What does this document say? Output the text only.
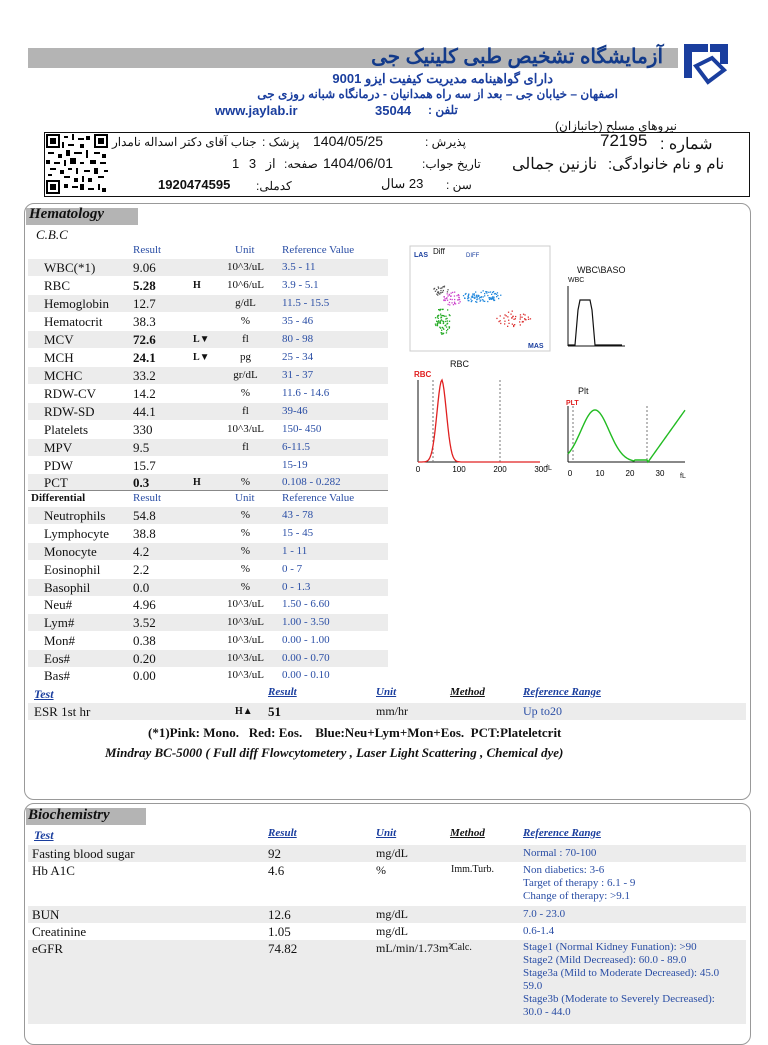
آزمایشگاه تشخیص طبی کلینیک جی
دارای گواهینامه مدیریت کیفیت ایزو 9001
اصفهان – خیابان جی – بعد از سه راه همدانیان - درمانگاه شبانه روزی جی
www.jaylab.ir	35044 تلفن :
(نیروهای مسلح (جانبازان
جناب آقای دکتر اسداله نامدار پزشک : 1404/05/25	پذیرش :	شماره :
72195
1 از 3 صفحه: 1404/06/01 تاریخ جواب: نازنین جمالی نام و نام خانوادگی:
1920474595 کدملی:	23 سال سن :
Hematology
C.B.C
Result	Unit Reference Value
WBC(*1)	9.06	10^3/uL	3.5 - 11
RBC	5.28	H	10^6/uL	3.9 - 5.1
Hemoglobin 12.7	g/dL	11.5 - 15.5
Hematocrit 38.3	%	35 - 46
MCV	72.6	L▼	fl	80 - 98
MCH	24.1	L▼	pg	25 - 34
MCHC	33.2	gr/dL	31 - 37
RDW-CV	14.2	%	11.6 - 14.6
RDW-SD	44.1	fl	39-46
Platelets	330	10^3/uL	150- 450
MPV	9.5	fl	6-11.5
PDW	15.7	15-19
PCT	0.3	H	%	0.108 - 0.282
Differential	Result	Unit Reference Value
Neutrophils 54.8	%	43 - 78
Lymphocyte 38.8	%	15 - 45
Monocyte	4.2	%	1 - 11
Eosinophil	2.2	%	0 - 7
Basophil	0.0	%	0 - 1.3
Neu#	4.96	10^3/uL	1.50 - 6.60
Lym#	3.52	10^3/uL	1.00 - 3.50
Mon#	0.38	10^3/uL	0.00 - 1.00
Eos#	0.20	10^3/uL	0.00 - 0.70
Bas#	0.00	10^3/uL	0.00 - 0.10
Test	Result	Unit	Method	Reference Range
ESR 1st hr	H▲ 51	mm/hr	Up to20
(*1)Pink: Mono.   Red: Eos.    Blue:Neu+Lym+Mon+Eos.  PCT:Plateletcrit
Mindray BC-5000 ( Full diff Flowcytometery , Laser Light Scattering , Chemical dye)
LAS Diff	DIFF
MAS
WBC\BASO
WBC
RBC
RBC
0	100	200	300
fL
Plt
PLT
0	10	20	30 fL
Biochemistry
Test	Result	Unit	Method	Reference Range
Fasting blood sugar	92	mg/dL	Normal : 70-100
Hb A1C	4.6	%	Imm.Turb.	Non diabetics: 3-6
Target of therapy : 6.1 - 9
Change of therapy: >9.1
BUN	12.6	mg/dL	7.0 - 23.0
Creatinine	1.05	mg/dL	0.6-1.4
eGFR	74.82	mL/min/1.73m² Calc.	Stage1 (Normal Kidney Funation): >90
Stage2 (Mild Decreased): 60.0 - 89.0
Stage3a (Mild to Moderate Decreased): 45.0
59.0
Stage3b (Moderate to Severely Decreased):
30.0 - 44.0
